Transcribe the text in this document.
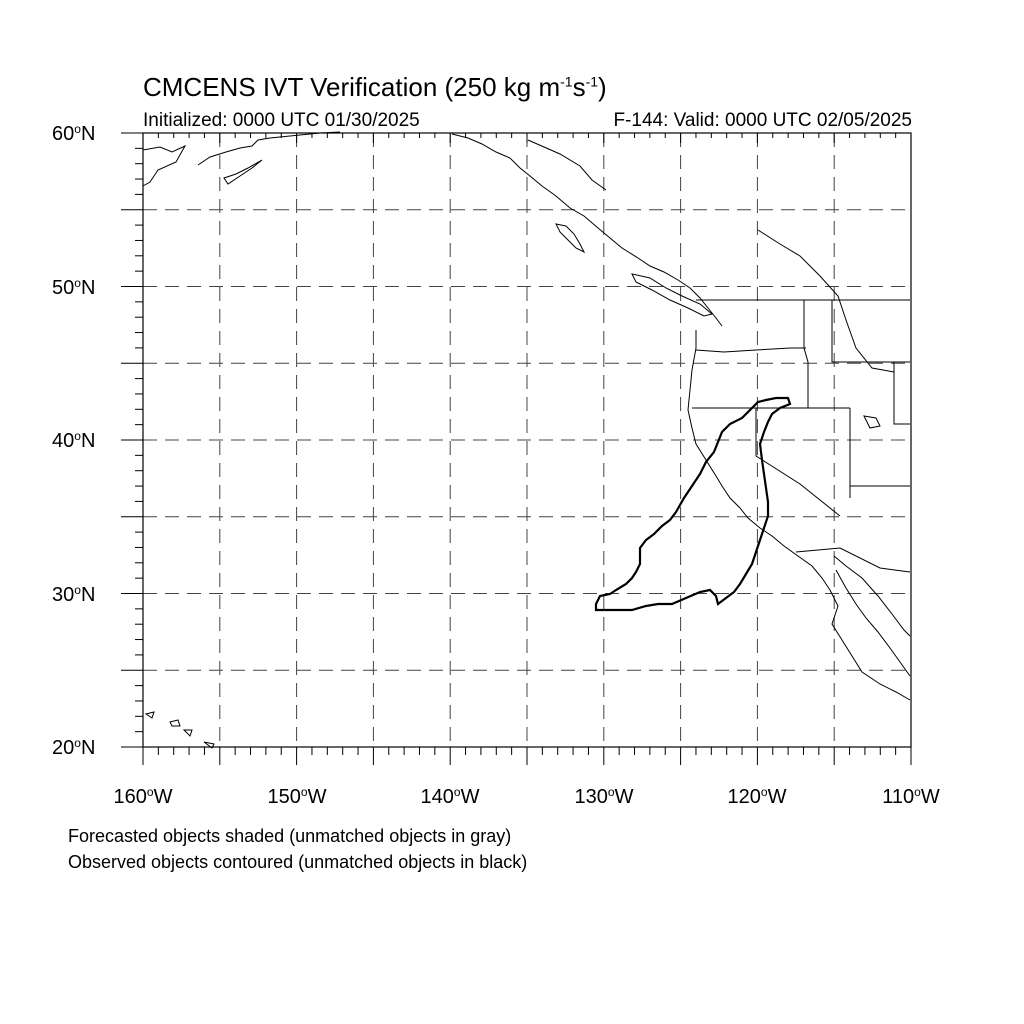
CMCENS IVT Verification (250 kg $m^{-1}s^{-1}$)
Initialized: 0000 UTC 01/30/2025	F-144: Valid: 0000 UTC 02/05/2025
60$^o$N
50$^o$N
40$^o$N
30$^o$N
20$^o$N
160$^o$W	150$^o$W	140$^o$W	130$^o$W	120$^o$W	110$^o$W
Forecasted objects shaded (unmatched objects in gray)
Observed objects contoured (unmatched objects in black)
